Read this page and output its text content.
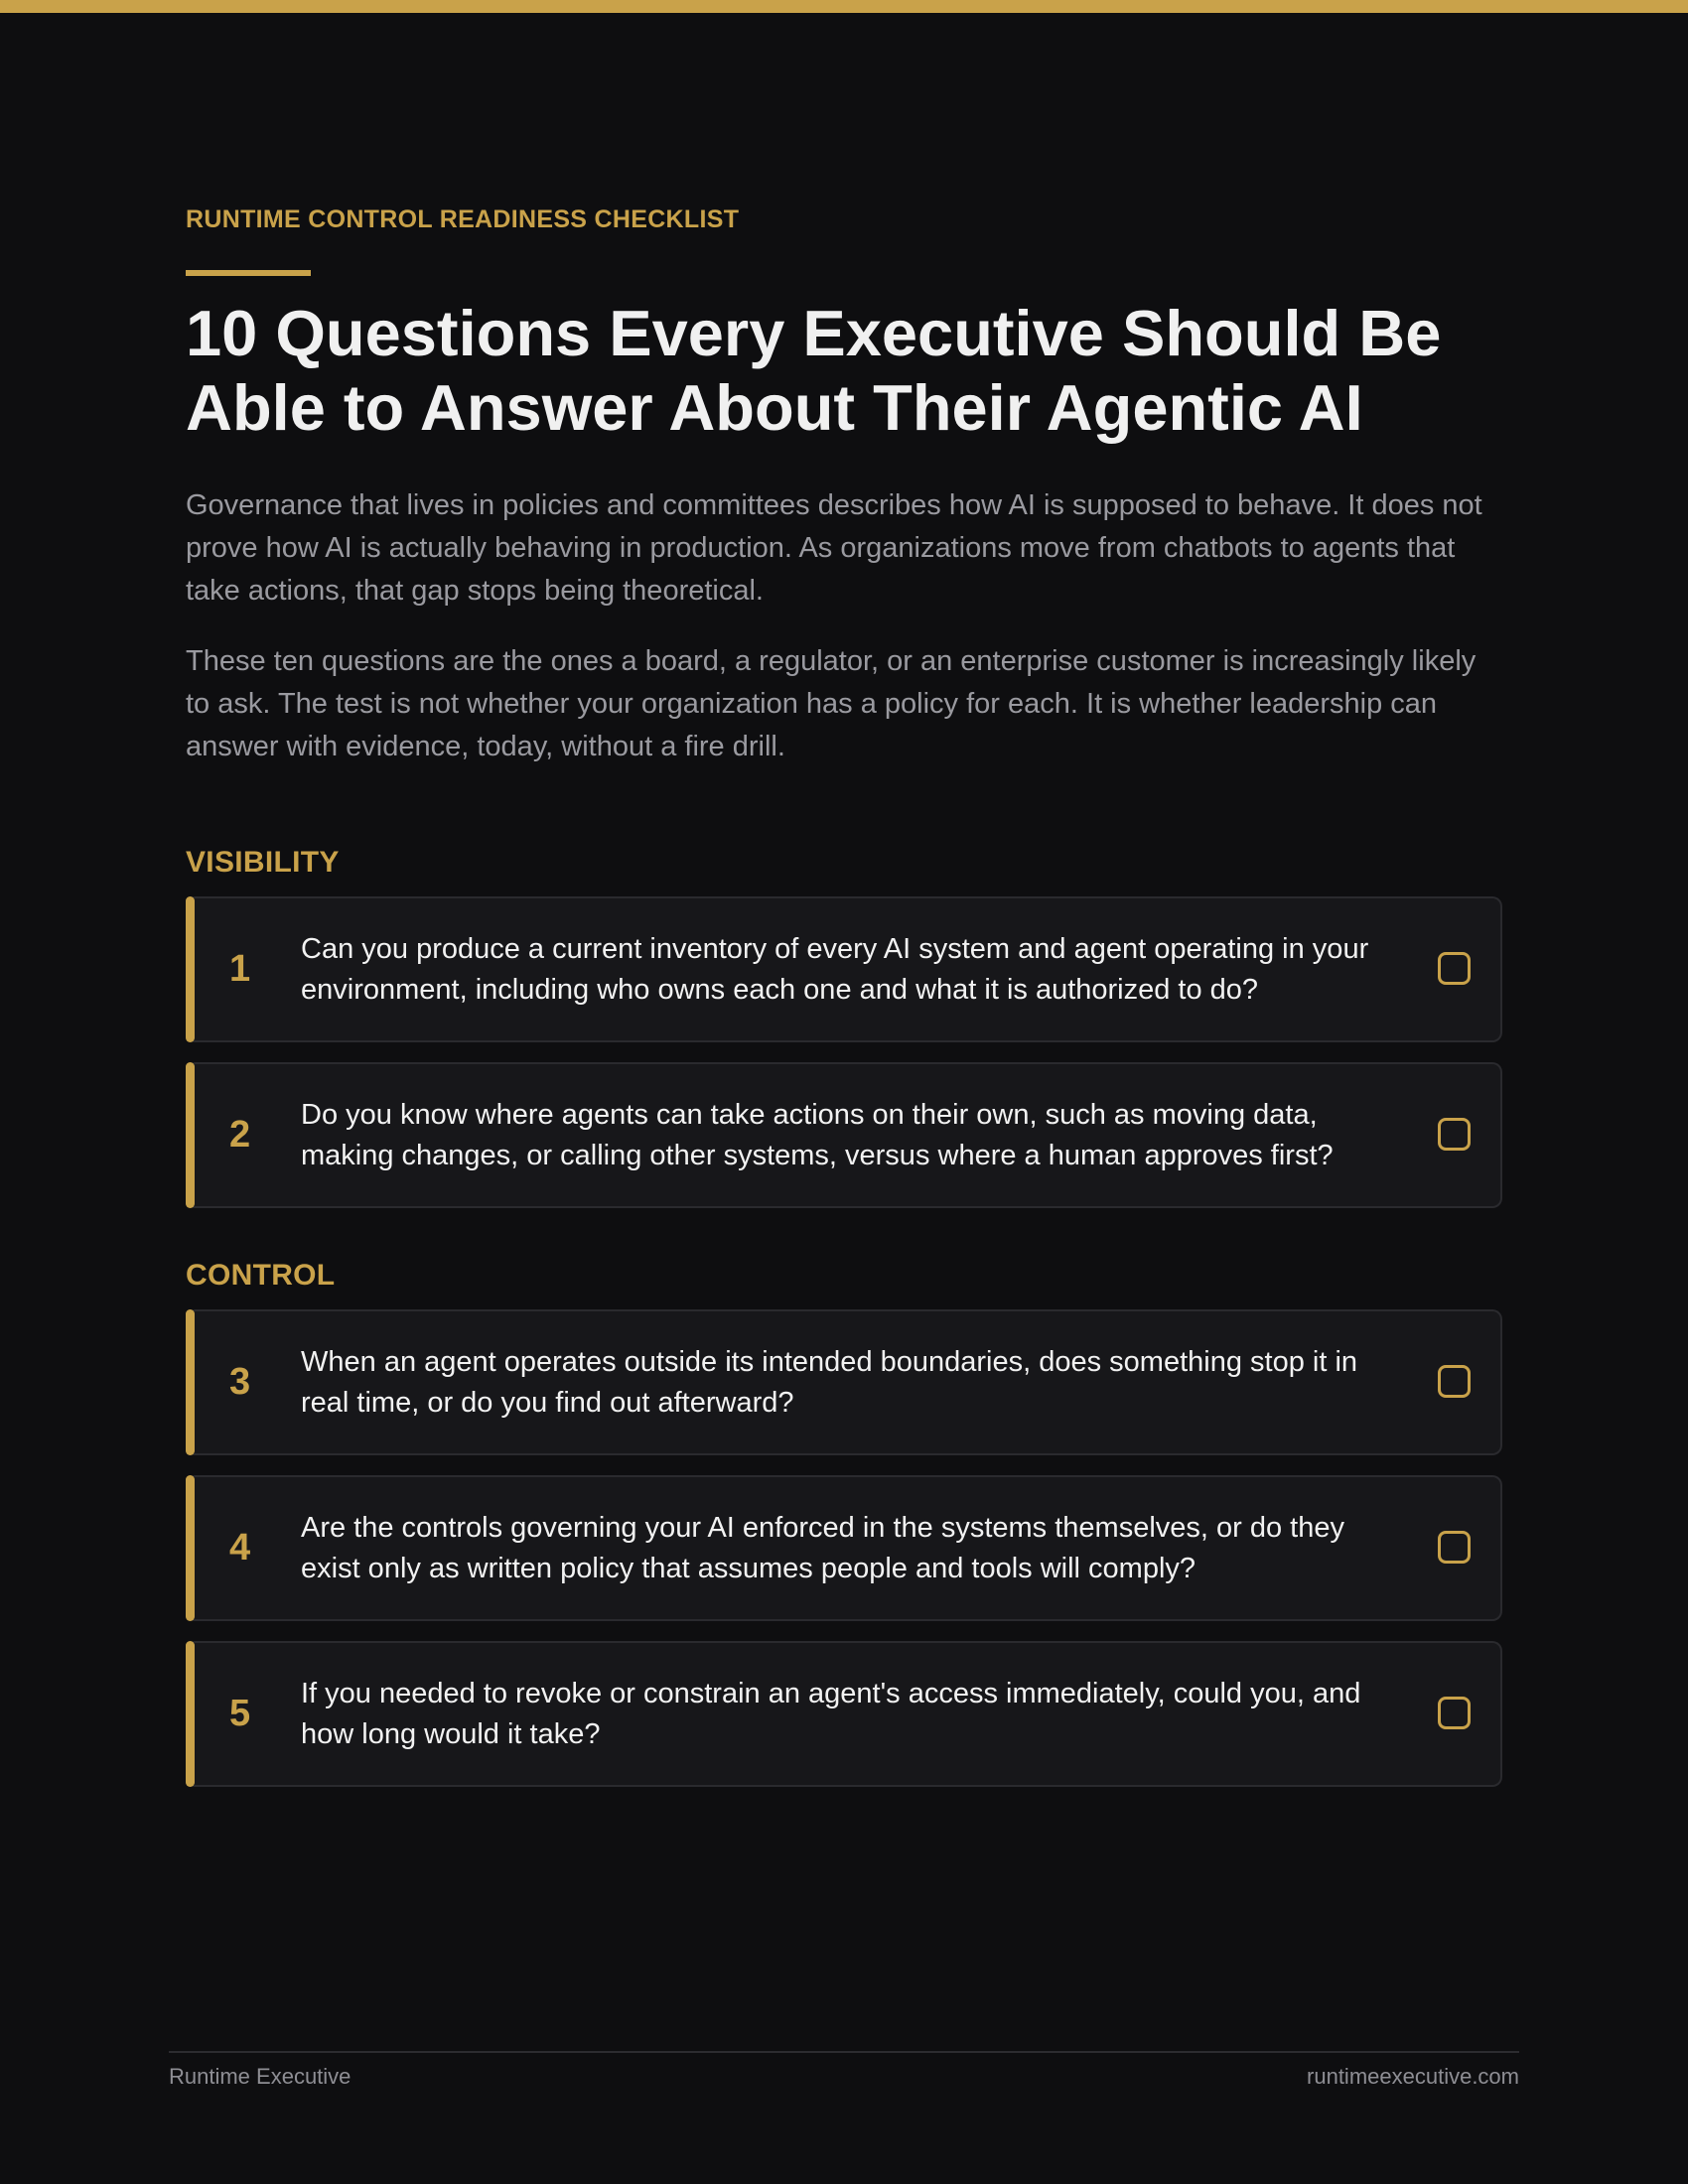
RUNTIME CONTROL READINESS CHECKLIST
10 Questions Every Executive Should Be Able to Answer About Their Agentic AI

Governance that lives in policies and committees describes how AI is supposed to behave. It does not prove how AI is actually behaving in production. As organizations move from chatbots to agents that take actions, that gap stops being theoretical.

These ten questions are the ones a board, a regulator, or an enterprise customer is increasingly likely to ask. The test is not whether your organization has a policy for each. It is whether leadership can answer with evidence, today, without a fire drill.

VISIBILITY
1 Can you produce a current inventory of every AI system and agent operating in your environment, including who owns each one and what it is authorized to do?
2 Do you know where agents can take actions on their own, such as moving data, making changes, or calling other systems, versus where a human approves first?
CONTROL
3 When an agent operates outside its intended boundaries, does something stop it in real time, or do you find out afterward?
4 Are the controls governing your AI enforced in the systems themselves, or do they exist only as written policy that assumes people and tools will comply?
5 If you needed to revoke or constrain an agent's access immediately, could you, and how long would it take?
Runtime Executive	runtimeexecutive.com
